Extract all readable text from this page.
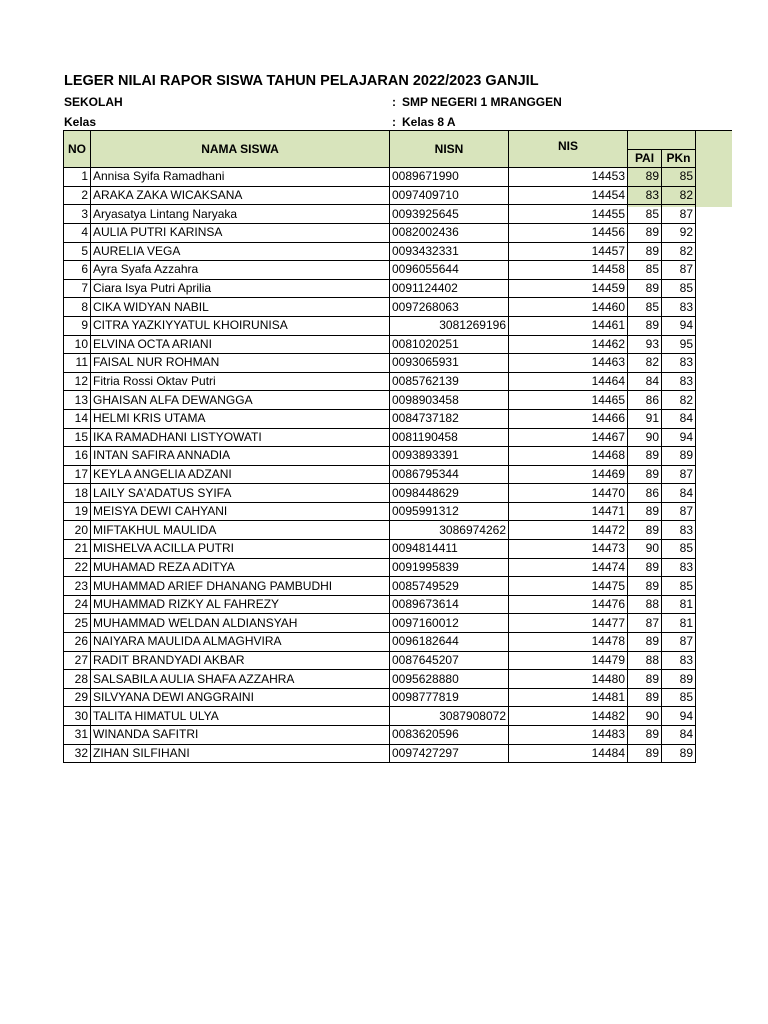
LEGER NILAI RAPOR SISWA TAHUN PELAJARAN 2022/2023 GANJIL
SEKOLAH	: SMP NEGERI 1 MRANGGEN
Kelas	: Kelas 8 A
NO	NAMA SISWA	NISN	NIS		
				PAI	PKn
1	Annisa Syifa Ramadhani	0089671990	14453	89	85
2	ARAKA ZAKA WICAKSANA	0097409710	14454	83	82
3	Aryasatya Lintang Naryaka	0093925645	14455	85	87
4	AULIA PUTRI KARINSA	0082002436	14456	89	92
5	AURELIA VEGA	0093432331	14457	89	82
6	Ayra Syafa Azzahra	0096055644	14458	85	87
7	Ciara Isya Putri Aprilia	0091124402	14459	89	85
8	CIKA WIDYAN NABIL	0097268063	14460	85	83
9	CITRA YAZKIYYATUL KHOIRUNISA	3081269196	14461	89	94
10	ELVINA OCTA ARIANI	0081020251	14462	93	95
11	FAISAL NUR ROHMAN	0093065931	14463	82	83
12	Fitria Rossi Oktav Putri	0085762139	14464	84	83
13	GHAISAN ALFA DEWANGGA	0098903458	14465	86	82
14	HELMI KRIS UTAMA	0084737182	14466	91	84
15	IKA RAMADHANI LISTYOWATI	0081190458	14467	90	94
16	INTAN SAFIRA ANNADIA	0093893391	14468	89	89
17	KEYLA ANGELIA ADZANI	0086795344	14469	89	87
18	LAILY SA'ADATUS SYIFA	0098448629	14470	86	84
19	MEISYA DEWI CAHYANI	0095991312	14471	89	87
20	MIFTAKHUL MAULIDA	3086974262	14472	89	83
21	MISHELVA ACILLA PUTRI	0094814411	14473	90	85
22	MUHAMAD REZA ADITYA	0091995839	14474	89	83
23	MUHAMMAD ARIEF DHANANG PAMBUDHI	0085749529	14475	89	85
24	MUHAMMAD RIZKY AL FAHREZY	0089673614	14476	88	81
25	MUHAMMAD WELDAN ALDIANSYAH	0097160012	14477	87	81
26	NAIYARA MAULIDA ALMAGHVIRA	0096182644	14478	89	87
27	RADIT BRANDYADI AKBAR	0087645207	14479	88	83
28	SALSABILA AULIA SHAFA AZZAHRA	0095628880	14480	89	89
29	SILVYANA DEWI ANGGRAINI	0098777819	14481	89	85
30	TALITA HIMATUL ULYA	3087908072	14482	90	94
31	WINANDA SAFITRI	0083620596	14483	89	84
32	ZIHAN SILFIHANI	0097427297	14484	89	89
